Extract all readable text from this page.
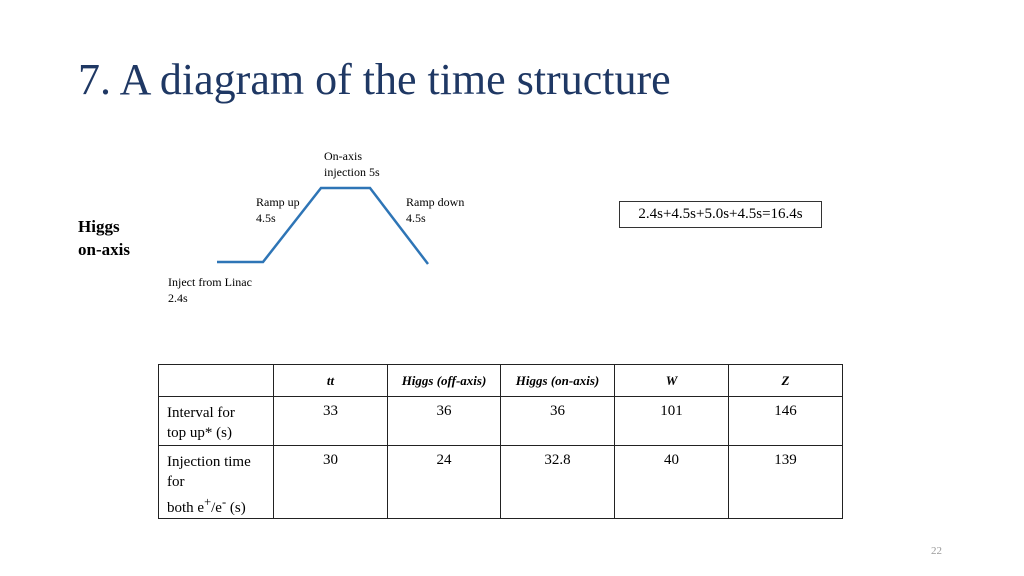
7. A diagram of the time structure
Higgs
on-axis
On-axis
injection 5s
Ramp up
4.5s
Ramp down
4.5s
Inject from Linac
2.4s
2.4s+4.5s+5.0s+4.5s=16.4s
	tt	Higgs (off-axis)	Higgs (on-axis)	W	Z

Interval for
top up* (s)	33	36	36	101	146

Injection time
for
both e+/e- (s)	30	24	32.8	40	139
22
